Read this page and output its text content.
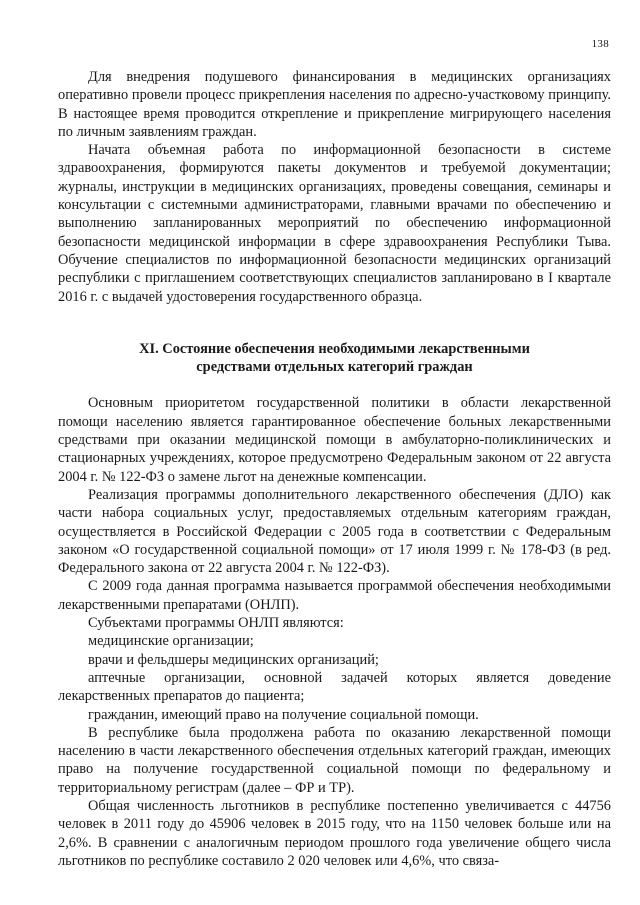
138

Для внедрения подушевого финансирования в медицинских организациях оперативно провели процесс прикрепления населения по адресно-участковому принципу. В настоящее время проводится открепление и прикрепление мигрирующего населения по личным заявлениям граждан.

Начата объемная работа по информационной безопасности в системе здравоохранения, формируются пакеты документов и требуемой документации; журналы, инструкции в медицинских организациях, проведены совещания, семинары и консультации с системными администраторами, главными врачами по обеспечению и выполнению запланированных мероприятий по обеспечению информационной безопасности медицинской информации в сфере здравоохранения Республики Тыва. Обучение специалистов по информационной безопасности медицинских организаций республики с приглашением соответствующих специалистов запланировано в I квартале 2016 г. с выдачей удостоверения государственного образца.

XI. Состояние обеспечения необходимыми лекарственными
средствами отдельных категорий граждан

Основным приоритетом государственной политики в области лекарственной помощи населению является гарантированное обеспечение больных лекарственными средствами при оказании медицинской помощи в амбулаторно-поликлинических и стационарных учреждениях, которое предусмотрено Федеральным законом от 22 августа 2004 г. № 122-ФЗ о замене льгот на денежные компенсации.

Реализация программы дополнительного лекарственного обеспечения (ДЛО) как части набора социальных услуг, предоставляемых отдельным категориям граждан, осуществляется в Российской Федерации с 2005 года в соответствии с Федеральным законом «О государственной социальной помощи» от 17 июля 1999 г. № 178-ФЗ (в ред. Федерального закона от 22 августа 2004 г. № 122-ФЗ).

С 2009 года данная программа называется программой обеспечения необходимыми лекарственными препаратами (ОНЛП).

Субъектами программы ОНЛП являются:

медицинские организации;

врачи и фельдшеры медицинских организаций;

аптечные организации, основной задачей которых является доведение лекарственных препаратов до пациента;

гражданин, имеющий право на получение социальной помощи.

В республике была продолжена работа по оказанию лекарственной помощи населению в части лекарственного обеспечения отдельных категорий граждан, имеющих право на получение государственной социальной помощи по федеральному и территориальному регистрам (далее – ФР и ТР).

Общая численность льготников в республике постепенно увеличивается с 44756 человек в 2011 году до 45906 человек в 2015 году, что на 1150 человек больше или на 2,6%. В сравнении с аналогичным периодом прошлого года увеличение общего числа льготников по республике составило 2 020 человек или 4,6%, что связа-
